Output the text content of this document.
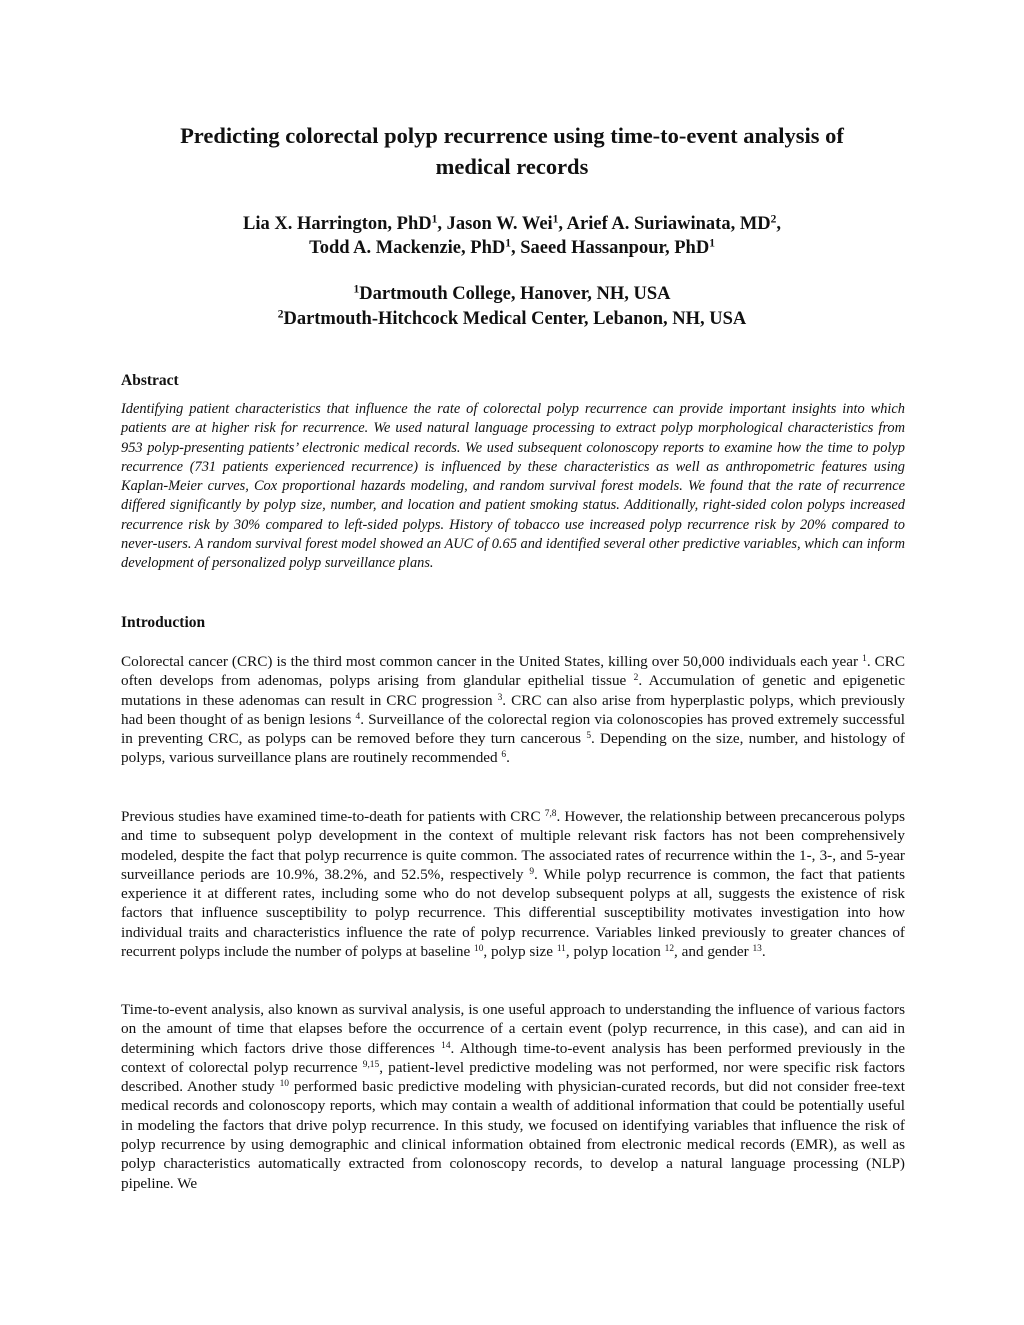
Predicting colorectal polyp recurrence using time-to-event analysis of
medical records
Lia X. Harrington, PhD$^1$, Jason W. Wei$^1$, Arief A. Suriawinata, $MD^2$,
Todd A. Mackenzie, PhD$^1$, Saeed Hassanpour, PhD$^1$
$^1$Dartmouth College, Hanover, NH, USA
$^2$Dartmouth-Hitchcock Medical Center, Lebanon, NH, USA
Abstract
Identifying patient characteristics that influence the rate of colorectal polyp recurrence can provide important insights into which patients are at higher risk for recurrence. We used natural language processing to extract polyp morphological characteristics from 953 polyp-presenting patients’ electronic medical records. We used subsequent colonoscopy reports to examine how the time to polyp recurrence (731 patients experienced recurrence) is influenced by these characteristics as well as anthropometric features using Kaplan-Meier curves, Cox proportional hazards modeling, and random survival forest models. We found that the rate of recurrence differed significantly by polyp size, number, and location and patient smoking status. Additionally, right-sided colon polyps increased recurrence risk by 30% compared to left-sided polyps. History of tobacco use increased polyp recurrence risk by 20% compared to never-users. A random survival forest model showed an AUC of 0.65 and identified several other predictive variables, which can inform development of personalized polyp surveillance plans.
Introduction
Colorectal cancer (CRC) is the third most common cancer in the United States, killing over 50,000 individuals each year $^1$. CRC often develops from adenomas, polyps arising from glandular epithelial tissue $^2$. Accumulation of genetic and epigenetic mutations in these adenomas can result in CRC progression $^3$. CRC can also arise from hyperplastic polyps, which previously had been thought of as benign lesions $^4$. Surveillance of the colorectal region via colonoscopies has proved extremely successful in preventing CRC, as polyps can be removed before they turn cancerous $^5$. Depending on the size, number, and histology of polyps, various surveillance plans are routinely recommended $^6$.
Previous studies have examined time-to-death for patients with CRC $^{7,8}$. However, the relationship between precancerous polyps and time to subsequent polyp development in the context of multiple relevant risk factors has not been comprehensively modeled, despite the fact that polyp recurrence is quite common. The associated rates of recurrence within the 1-, 3-, and 5-year surveillance periods are 10.9%, 38.2%, and 52.5%, respectively $^9$. While polyp recurrence is common, the fact that patients experience it at different rates, including some who do not develop subsequent polyps at all, suggests the existence of risk factors that influence susceptibility to polyp recurrence. This differential susceptibility motivates investigation into how individual traits and characteristics influence the rate of polyp recurrence. Variables linked previously to greater chances of recurrent polyps include the number of polyps at baseline $^{10}$, polyp size $^{11}$, polyp location $^{12}$, and gender $^{13}$.
Time-to-event analysis, also known as survival analysis, is one useful approach to understanding the influence of various factors on the amount of time that elapses before the occurrence of a certain event (polyp recurrence, in this case), and can aid in determining which factors drive those differences $^{14}$. Although time-to-event analysis has been performed previously in the context of colorectal polyp recurrence $^{9,15}$, patient-level predictive modeling was not performed, nor were specific risk factors described. Another study $^{10}$ performed basic predictive modeling with physician-curated records, but did not consider free-text medical records and colonoscopy reports, which may contain a wealth of additional information that could be potentially useful in modeling the factors that drive polyp recurrence. In this study, we focused on identifying variables that influence the risk of polyp recurrence by using demographic and clinical information obtained from electronic medical records (EMR), as well as polyp characteristics automatically extracted from colonoscopy records, to develop a natural language processing (NLP) pipeline. We
